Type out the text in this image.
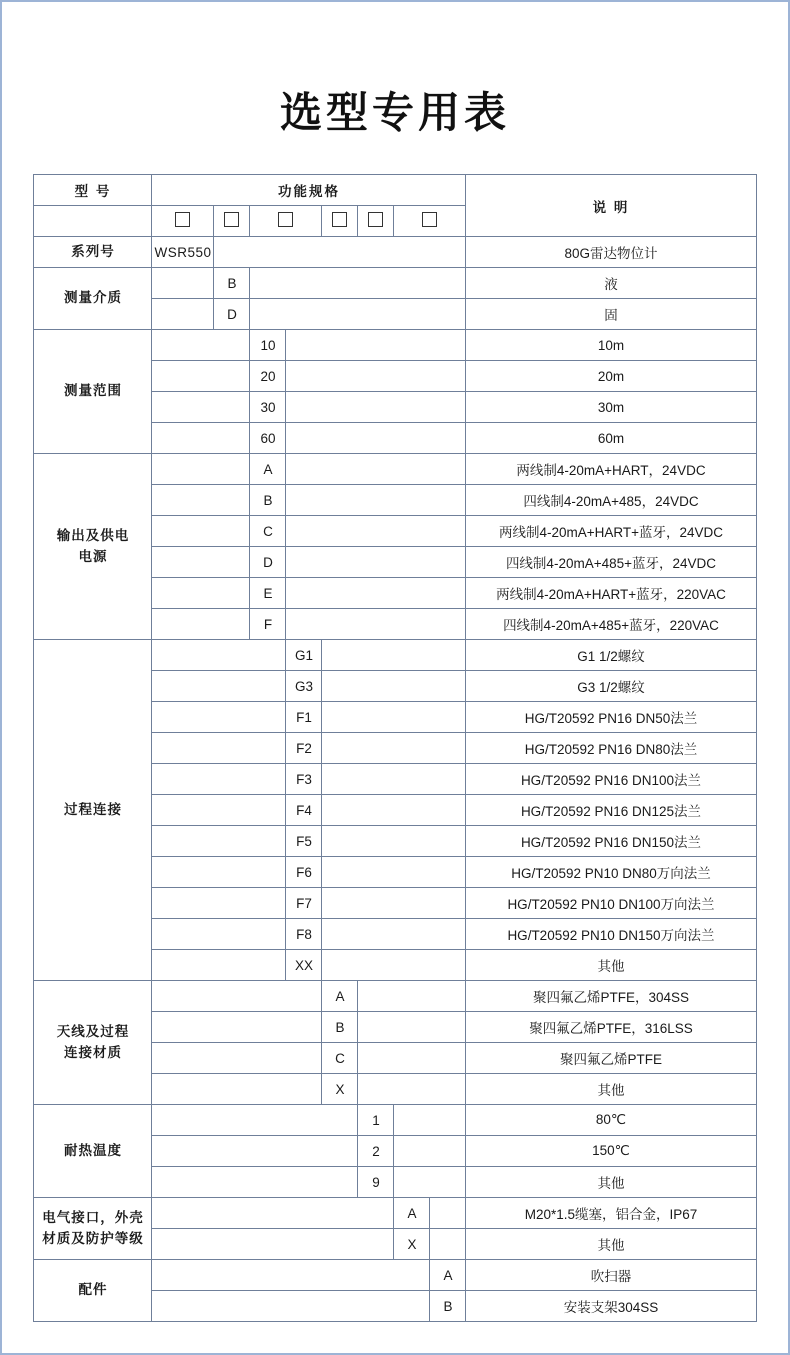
选型专用表
型 号	功能规格								说 明

系列号	WSR550								80G雷达物位计
测量介质		B							液
		D							固
测量范围			10						10m
			20						20m
			30						30m
			60						60m
输出及供电
电源			A						两线制4-20mA+HART，24VDC
			B						四线制4-20mA+485，24VDC
			C						两线制4-20mA+HART+蓝牙，24VDC
			D						四线制4-20mA+485+蓝牙，24VDC
			E						两线制4-20mA+HART+蓝牙，220VAC
			F						四线制4-20mA+485+蓝牙，220VAC
过程连接				G1					G1 1/2螺纹
				G3					G3 1/2螺纹
				F1					HG/T20592 PN16 DN50法兰
				F2					HG/T20592 PN16 DN80法兰
				F3					HG/T20592 PN16 DN100法兰
				F4					HG/T20592 PN16 DN125法兰
				F5					HG/T20592 PN16 DN150法兰
				F6					HG/T20592 PN10 DN80万向法兰
				F7					HG/T20592 PN10 DN100万向法兰
				F8					HG/T20592 PN10 DN150万向法兰
				XX					其他
天线及过程
连接材质					A				聚四氟乙烯PTFE，304SS
					B				聚四氟乙烯PTFE，316LSS
					C				聚四氟乙烯PTFE
					X				其他
耐热温度						1			80℃
						2			150℃
						9			其他
电气接口，外壳
材质及防护等级							A		M20*1.5缆塞，铝合金，IP67
							X		其他
配件								A	吹扫器
								B	安装支架304SS
